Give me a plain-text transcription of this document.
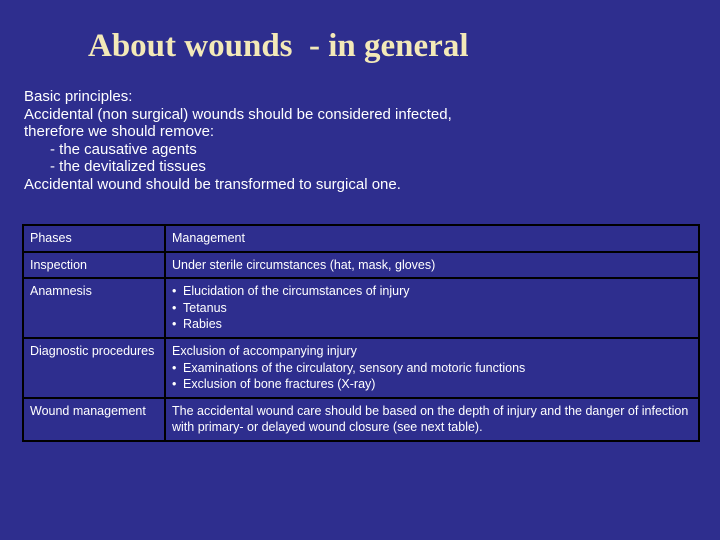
About wounds  - in general
Basic principles:
Accidental (non surgical) wounds should be considered infected,
therefore we should remove:
- the causative agents
- the devitalized tissues
Accidental wound should be transformed to surgical one.
Phases	Management
Inspection	Under sterile circumstances (hat, mask, gloves)
Anamnesis	• Elucidation of the circumstances of injury
• Tetanus
• Rabies

Diagnostic procedures	Exclusion of accompanying injury
• Examinations of the circulatory, sensory and motoric functions
• Exclusion of bone fractures (X-ray)

Wound management	The accidental wound care should be based on the depth of injury and the danger of infection with primary- or delayed wound closure (see next table).
